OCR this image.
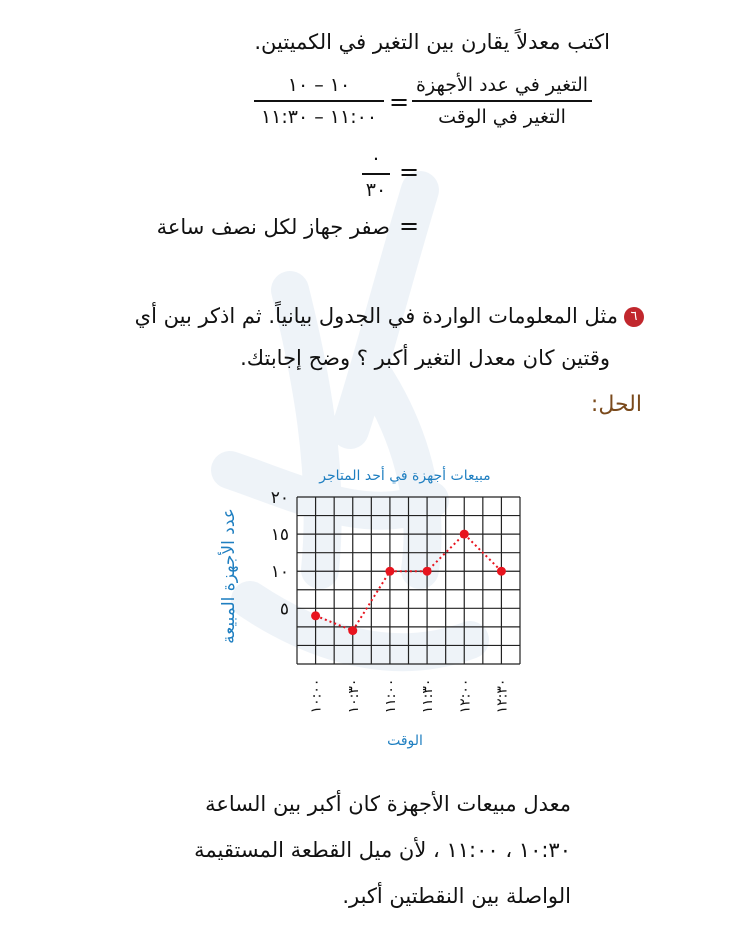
اكتب معدلاً يقارن بين التغير في الكميتين.
التغير في عدد الأجهزة
التغير في الوقت
=
١٠ – ١٠
١١:٠٠ – ١١:٣٠
٠
٣٠
=
=
صفر جهاز لكل نصف ساعة
٦مثل المعلومات الواردة في الجدول بيانياً. ثم اذكر بين أي
وقتين كان معدل التغير أكبر ؟ وضح إجابتك.
الحل:
مبيعات أجهزة في أحد المتاجر
عدد الأجهزة المبيعة
الوقت
٥
١٠
١٥
٢٠
١٠:٠٠ ١٠:٣٠ ١١:٠٠ ١١:٣٠ ١٢:٠٠ ١٢:٣٠
معدل مبيعات الأجهزة كان أكبر بين الساعة
١٠:٣٠ ، ١١:٠٠ ، لأن ميل القطعة المستقيمة
الواصلة بين النقطتين أكبر.
